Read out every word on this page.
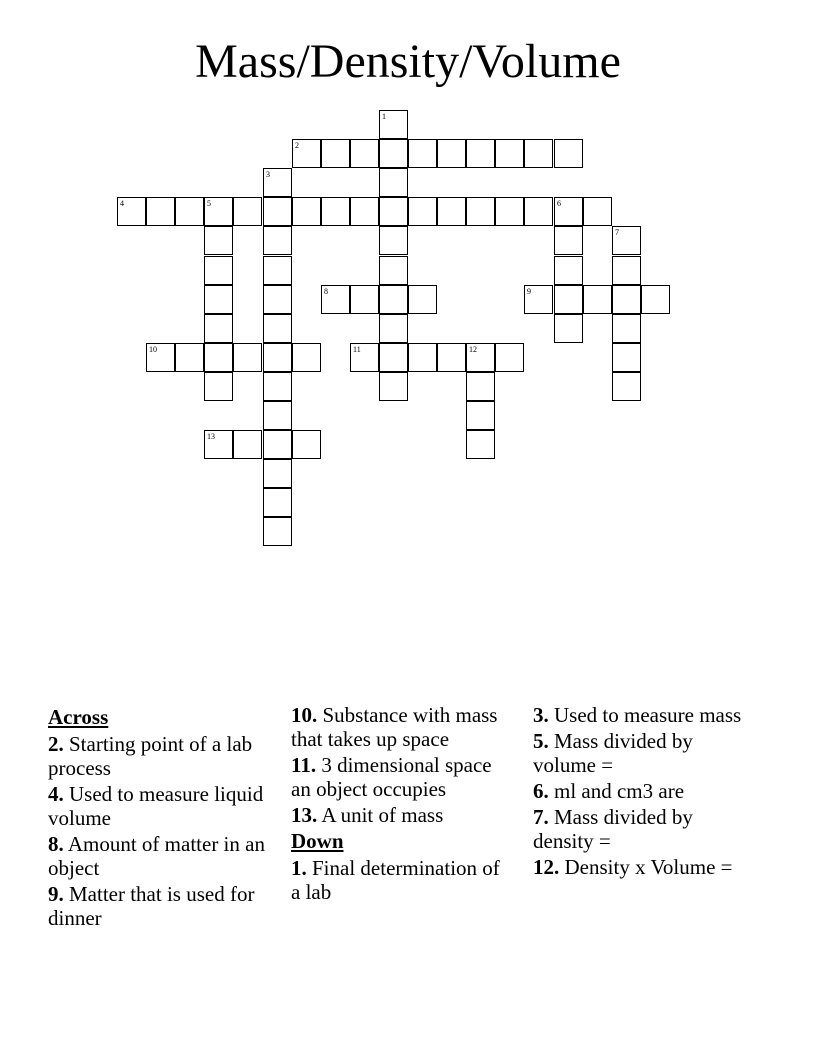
Mass/Density/Volume
1
2
3
4	5	6
7
8	9
10	11	12
13
Across
2. Starting point of a lab process
4. Used to measure liquid volume
8. Amount of matter in an object
9. Matter that is used for dinner
10. Substance with mass that takes up space
11. 3 dimensional space an object occupies
13. A unit of mass
Down
1. Final determination of a lab
3. Used to measure mass
5. Mass divided by volume =
6. ml and cm3 are
7. Mass divided by density =
12. Density x Volume =
